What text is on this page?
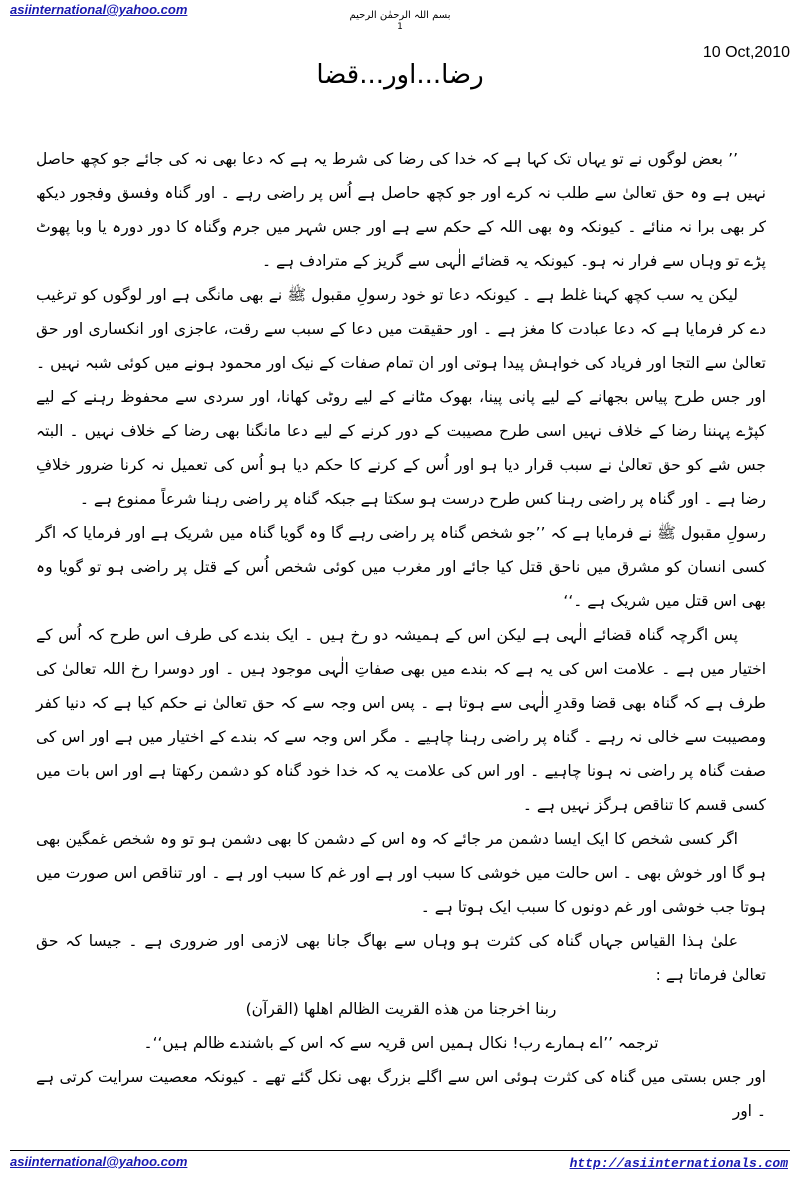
asiinternational@yahoo.com	بسم اللہ الرحمٰن الرحیم
1
10 Oct,2010
رضا...اور...قضا

’’ بعض لوگوں نے تو یہاں تک کہا ہے کہ خدا کی رضا کی شرط یہ ہے کہ دعا بھی نہ کی جائے جو کچھ حاصل نہیں ہے وہ حق تعالیٰ سے طلب نہ کرے اور جو کچھ حاصل ہے اُس پر راضی رہے ۔ اور گناہ وفسق وفجور دیکھ کر بھی برا نہ منائے ۔ کیونکہ وہ بھی اللہ کے حکم سے ہے اور جس شہر میں جرم وگناہ کا دور دورہ یا وبا پھوٹ پڑے تو وہاں سے فرار نہ ہو۔ کیونکہ یہ قضائے الٰہی سے گریز کے مترادف ہے ۔

لیکن یہ سب کچھ کہنا غلط ہے ۔ کیونکہ دعا تو خود رسولِ مقبول ﷺ نے بھی مانگی ہے اور لوگوں کو ترغیب دے کر فرمایا ہے کہ دعا عبادت کا مغز ہے ۔ اور حقیقت میں دعا کے سبب سے رقت، عاجزی اور انکساری اور حق تعالیٰ سے التجا اور فریاد کی خواہش پیدا ہوتی اور ان تمام صفات کے نیک اور محمود ہونے میں کوئی شبہ نہیں ۔ اور جس طرح پیاس بجھانے کے لیے پانی پینا، بھوک مٹانے کے لیے روٹی کھانا، اور سردی سے محفوظ رہنے کے لیے کپڑے پہننا رضا کے خلاف نہیں اسی طرح مصیبت کے دور کرنے کے لیے دعا مانگنا بھی رضا کے خلاف نہیں ۔ البتہ جس شے کو حق تعالیٰ نے سبب قرار دیا ہو اور اُس کے کرنے کا حکم دیا ہو اُس کی تعمیل نہ کرنا ضرور خلافِ رضا ہے ۔ اور گناہ پر راضی رہنا کس طرح درست ہو سکتا ہے جبکہ گناہ پر راضی رہنا شرعاً ممنوع ہے ۔

رسولِ مقبول ﷺ نے فرمایا ہے کہ ’’جو شخص گناہ پر راضی رہے گا وہ گویا گناہ میں شریک ہے اور فرمایا کہ اگر کسی انسان کو مشرق میں ناحق قتل کیا جائے اور مغرب میں کوئی شخص اُس کے قتل پر راضی ہو تو گویا وہ بھی اس قتل میں شریک ہے ۔‘‘

پس اگرچہ گناہ قضائے الٰہی ہے لیکن اس کے ہمیشہ دو رخ ہیں ۔ ایک بندے کی طرف اس طرح کہ اُس کے اختیار میں ہے ۔ علامت اس کی یہ ہے کہ بندے میں بھی صفاتِ الٰہی موجود ہیں ۔ اور دوسرا رخ اللہ تعالیٰ کی طرف ہے کہ گناہ بھی قضا وقدرِ الٰہی سے ہوتا ہے ۔ پس اس وجہ سے کہ حق تعالیٰ نے حکم کیا ہے کہ دنیا کفر ومصیبت سے خالی نہ رہے ۔ گناہ پر راضی رہنا چاہیے ۔ مگر اس وجہ سے کہ بندے کے اختیار میں ہے اور اس کی صفت گناہ پر راضی نہ ہونا چاہیے ۔ اور اس کی علامت یہ کہ خدا خود گناہ کو دشمن رکھتا ہے اور اس بات میں کسی قسم کا تناقص ہرگز نہیں ہے ۔

اگر کسی شخص کا ایک ایسا دشمن مر جائے کہ وہ اس کے دشمن کا بھی دشمن ہو تو وہ شخص غمگین بھی ہو گا اور خوش بھی ۔ اس حالت میں خوشی کا سبب اور ہے اور غم کا سبب اور ہے ۔ اور تناقص اس صورت میں ہوتا جب خوشی اور غم دونوں کا سبب ایک ہوتا ہے ۔

علیٰ ہذا القیاس جہاں گناہ کی کثرت ہو وہاں سے بھاگ جانا بھی لازمی اور ضروری ہے ۔ جیسا کہ حق تعالیٰ فرماتا ہے :

ربنا اخرجنا من هذه القريت الظالم اهلها (القرآن)

ترجمہ ’’اے ہمارے رب! نکال ہمیں اس قریہ سے کہ اس کے باشندے ظالم ہیں‘‘۔

اور جس بستی میں گناہ کی کثرت ہوئی اس سے اگلے بزرگ بھی نکل گئے تھے ۔ کیونکہ معصیت سرایت کرتی ہے ۔ اور

asiinternational@yahoo.com	http://asiinternationals.com
